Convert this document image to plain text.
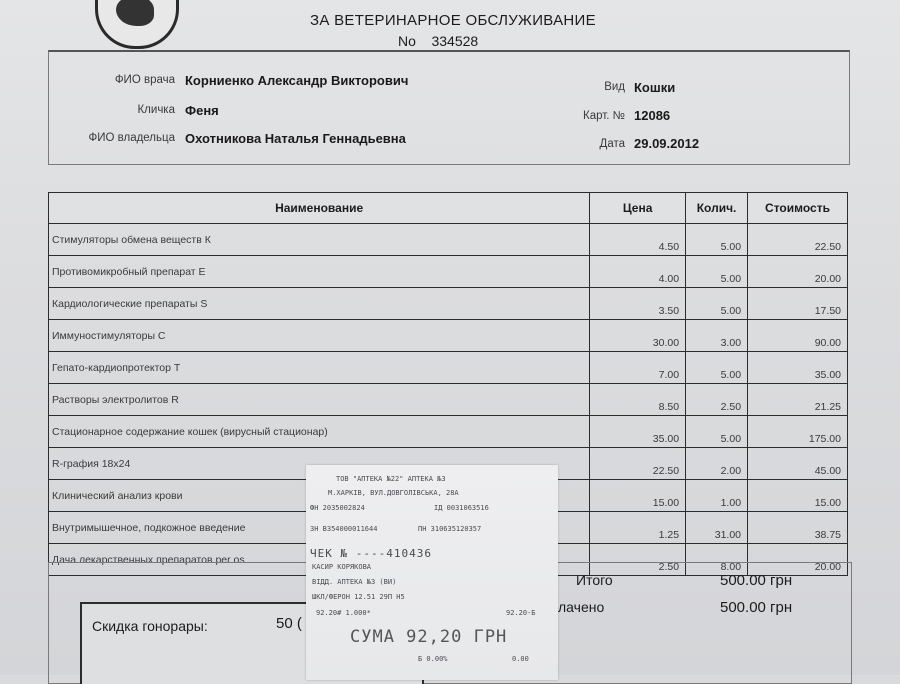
ЗА ВЕТЕРИНАРНОЕ ОБСЛУЖИВАНИЕ
No 334528
ФИО врача Корниенко Александр Викторович
Кличка Феня
ФИО владельца Охотникова Наталья Геннадьевна
Вид Кошки
Карт. № 12086
Дата 29.09.2012
Наименование	Цена	Колич.	Стоимость
Стимуляторы обмена веществ К	4.50	5.00	22.50
Противомикробный препарат Е	4.00	5.00	20.00
Кардиологические препараты S	3.50	5.00	17.50
Иммуностимуляторы С	30.00	3.00	90.00
Гепато-кардиопротектор Т	7.00	5.00	35.00
Растворы электролитов R	8.50	2.50	21.25
Стационарное содержание кошек (вирусный стационар)	35.00	5.00	175.00
R-графия 18х24	22.50	2.00	45.00
Клинический анализ крови	15.00	1.00	15.00
Внутримышечное, подкожное введение	1.25	31.00	38.75
Дача лекарственных препаратов per os	2.50	8.00	20.00
Итого	500.00 грн
лачено	500.00 грн
Скидка гонорары:	50 (
ТОВ "АПТЕКА №22" АПТЕКА №3
М.ХАРКІВ, ВУЛ.ДОВГОЛІВСЬКА, 28А
ФН 2035002824	ІД 0031063516
ЗН ВЗ54000011644	ПН 310635120357
ЧЕК № ----410436
КАСИР КОРЯКОВА
ВІДД. АПТЕКА №3 (ВИ)
ШКЛ/ФЕРОН 12.51 29П Н5
92.20# 1.000*	92.20-Б
СУМА 92,20 ГРН
Б 0.00%	0.00
